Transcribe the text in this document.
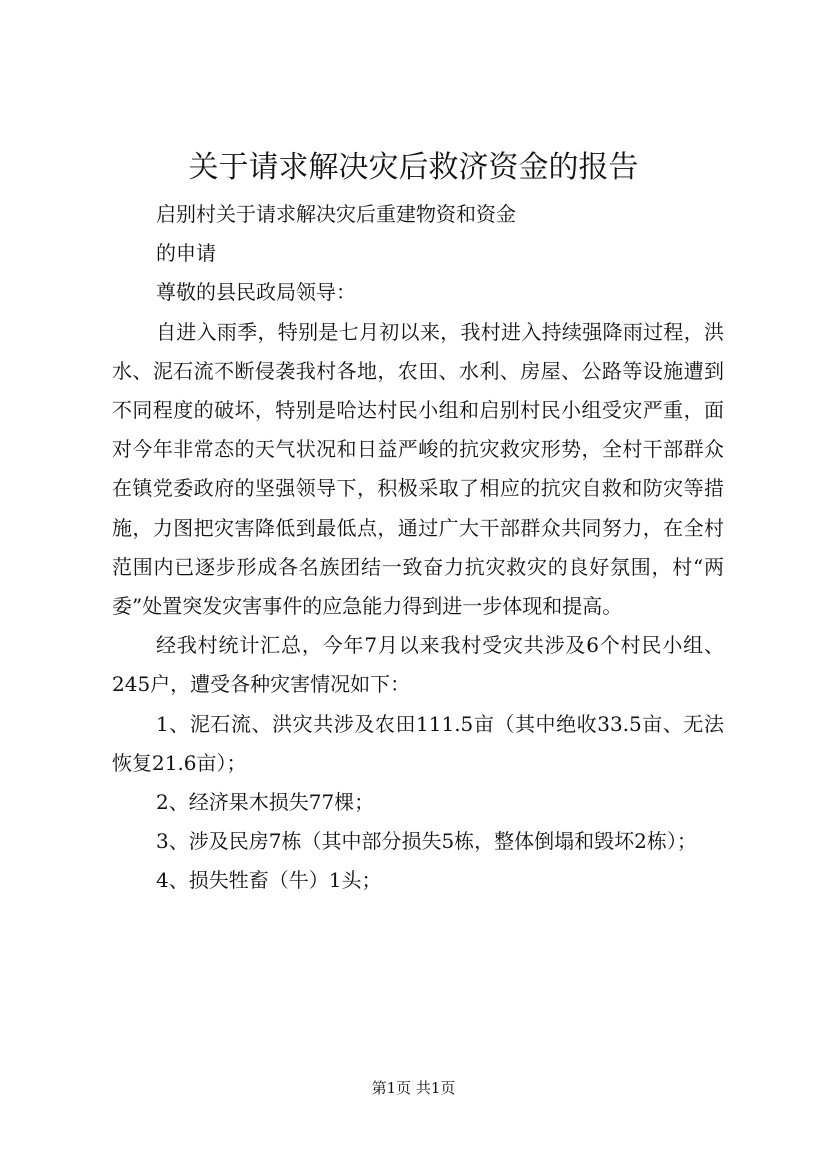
关于请求解决灾后救济资金的报告

启别村关于请求解决灾后重建物资和资金

的申请

尊敬的县民政局领导：

自进入雨季，特别是七月初以来，我村进入持续强降雨过程，洪水、泥石流不断侵袭我村各地，农田、水利、房屋、公路等设施遭到不同程度的破坏，特别是哈达村民小组和启别村民小组受灾严重，面对今年非常态的天气状况和日益严峻的抗灾救灾形势，全村干部群众在镇党委政府的坚强领导下，积极采取了相应的抗灾自救和防灾等措施，力图把灾害降低到最低点，通过广大干部群众共同努力，在全村范围内已逐步形成各名族团结一致奋力抗灾救灾的良好氛围，村“两委”处置突发灾害事件的应急能力得到进一步体现和提高。

经我村统计汇总，今年7月以来我村受灾共涉及6个村民小组、245户，遭受各种灾害情况如下：

1、泥石流、洪灾共涉及农田111.5亩（其中绝收33.5亩、无法恢复21.6亩）；

2、经济果木损失77棵；

3、涉及民房7栋（其中部分损失5栋，整体倒塌和毁坏2栋）；

4、损失牲畜（牛）1头；

第1页 共1页
